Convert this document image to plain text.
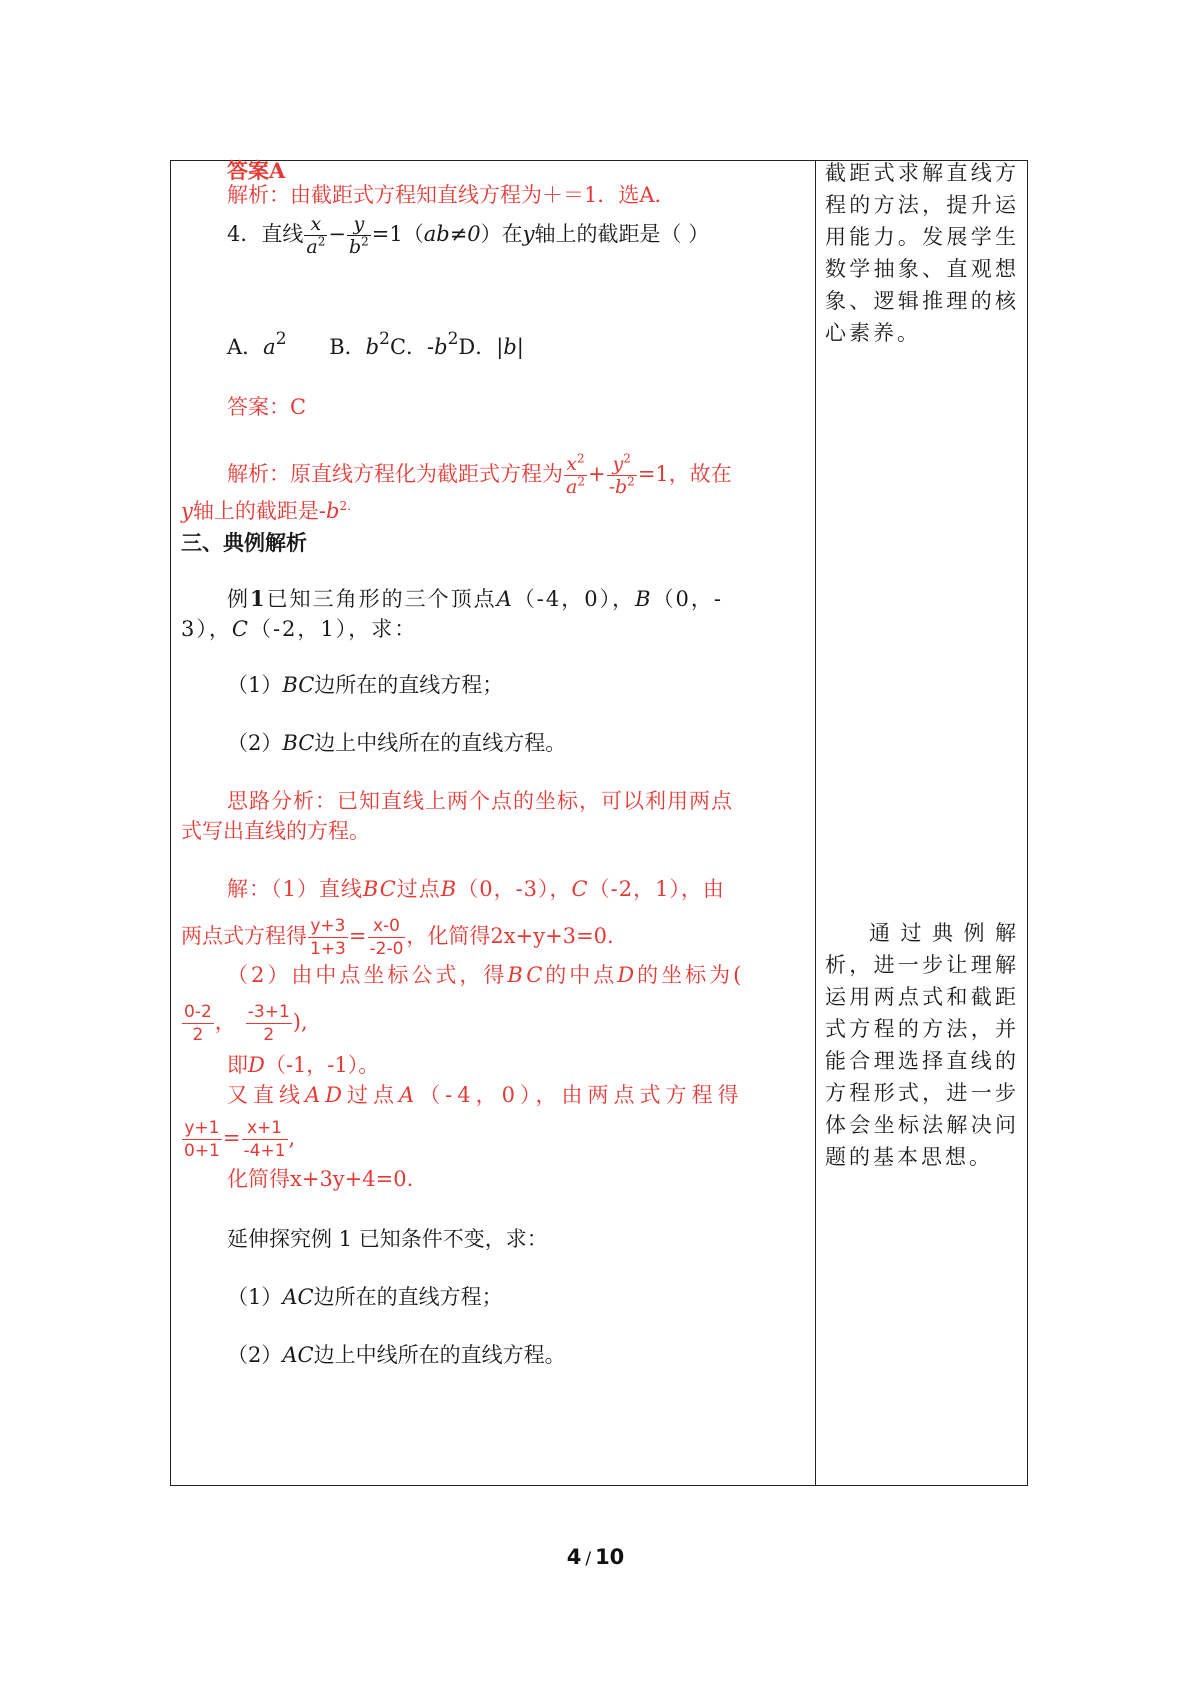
答案A
解析：由截距式方程知直线方程为＋＝1．选A．
4．直线 $\frac{x}{a^2} - \frac{y}{b^2} =1(ab\ne 0)$在y轴上的截距是（ ）
A．$a^2$ B．$b^2C$．$-b^2D$．|b|
答案：C
解析：原直线方程化为截距式方程为 $\frac{x^2}{a^2} + \frac{y^2}{-b^2} =1$，故在
y轴上的截距是$-b^{2.}$
三、典例解析
例1已知三角形的三个顶点A（-4，0），B（0，-
3），C（-2，1），求：
（1）BC边所在的直线方程；
（2）BC边上中线所在的直线方程。
思路分析：已知直线上两个点的坐标，可以利用两点
式写出直线的方程。
解：（1）直线BC过点B（0，-3），C（-2，1），由
两点式方程得 $\frac{y+3}{1+3} = \frac{x-0}{-2-0}$ ，化简得2x+y+3=0.
（2）由中点坐标公式，得BC的中点D的坐标为(
$\frac{0-2}{2}$ ， $\frac{-3+1}{2}$ ),
即D（-1，-1）。
又直线AD过点A（-4，0），由两点式方程得
$\frac{y+1}{0+1} = \frac{x+1}{-4+1}$ ,
化简得x+3y+4=0.
延伸探究例 1 已知条件不变，求：
（1）AC边所在的直线方程；
（2）AC边上中线所在的直线方程。
截距式求解直线方程的方法，提升运用能力。发展学生数学抽象、直观想象、逻辑推理的核心素养。
通过典例解析，进一步让理解运用两点式和截距式方程的方法，并能合理选择直线的方程形式，进一步体会坐标法解决问题的基本思想。
4 / 10
